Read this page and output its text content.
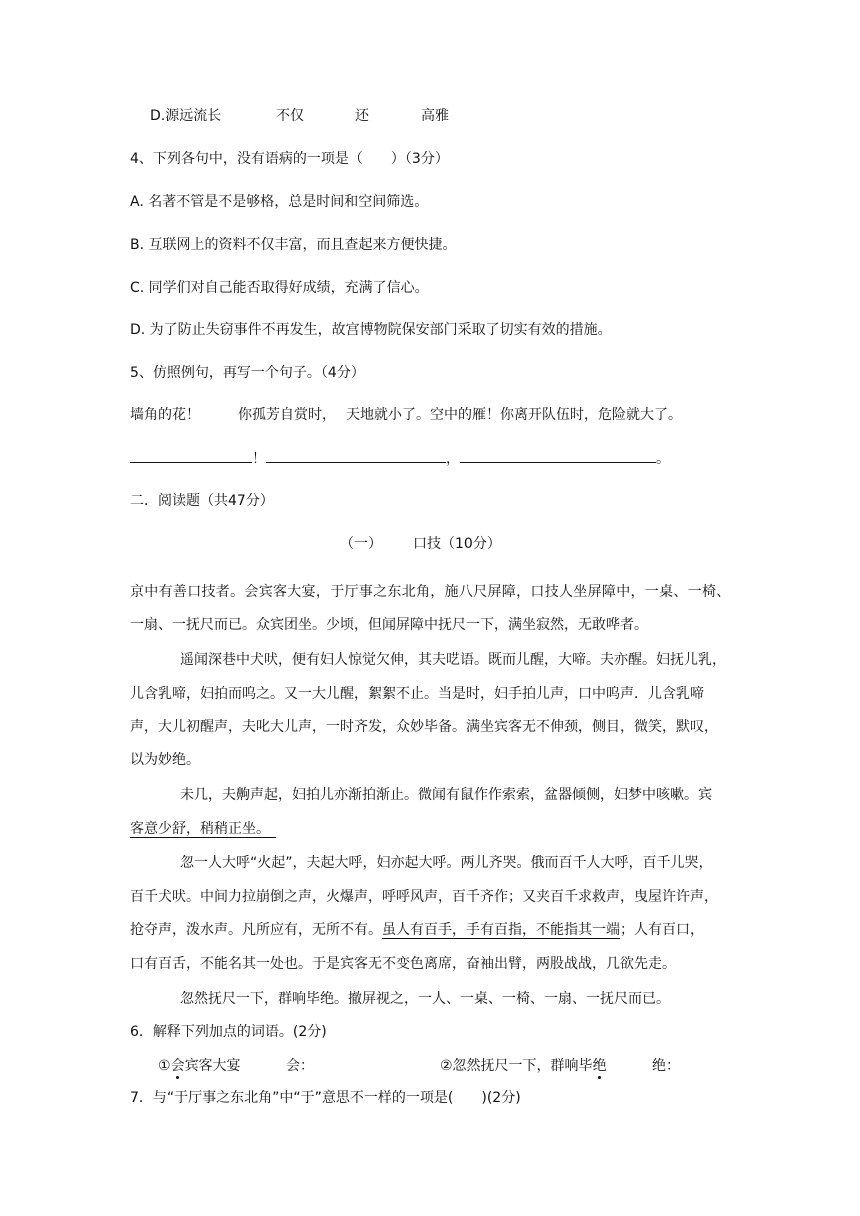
D.源远流长	不仅	还	高雅
4、下列各句中，没有语病的一项是（　　）（3分）
A. 名著不管是不是够格，总是时间和空间筛选。
B. 互联网上的资料不仅丰富，而且查起来方便快捷。
C. 同学们对自己能否取得好成绩，充满了信心。
D. 为了防止失窃事件不再发生，故宫博物院保安部门采取了切实有效的措施。
5、仿照例句，再写一个句子。（4分）
墙角的花！	你孤芳自赏时， 天地就小了。空中的雁！你离开队伍时，危险就大了。
！	，	。
二．阅读题（共47分）
（一） 口技（10分）
京中有善口技者。会宾客大宴，于厅事之东北角，施八尺屏障，口技人坐屏障中，一桌、一椅、
一扇、一抚尺而已。众宾团坐。少顷，但闻屏障中抚尺一下，满坐寂然，无敢哗者。
遥闻深巷中犬吠，便有妇人惊觉欠伸，其夫呓语。既而儿醒，大啼。夫亦醒。妇抚儿乳，
儿含乳啼，妇拍而呜之。又一大儿醒，絮絮不止。当是时，妇手拍儿声，口中呜声．儿含乳啼
声，大儿初醒声，夫叱大儿声，一时齐发，众妙毕备。满坐宾客无不伸颈，侧目，微笑，默叹，
以为妙绝。
未几，夫齁声起，妇拍儿亦渐拍渐止。微闻有鼠作作索索，盆器倾侧，妇梦中咳嗽。宾
客意少舒，稍稍正坐。
忽一人大呼“火起”，夫起大呼，妇亦起大呼。两儿齐哭。俄而百千人大呼，百千儿哭，
百千犬吠。中间力拉崩倒之声，火爆声，呼呼风声，百千齐作；又夹百千求救声，曳屋许许声，
抢夺声，泼水声。凡所应有，无所不有。虽人有百手，手有百指，不能指其一端；人有百口，
口有百舌，不能名其一处也。于是宾客无不变色离席，奋袖出臂，两股战战，几欲先走。
忽然抚尺一下，群响毕绝。撤屏视之，一人、一桌、一椅、一扇、一抚尺而已。
6．解释下列加点的词语。(2分)
①会宾客大宴	会：	②忽然抚尺一下，群响毕绝	绝：
7．与“于厅事之东北角”中“于”意思不一样的一项是(　　)(2分)
